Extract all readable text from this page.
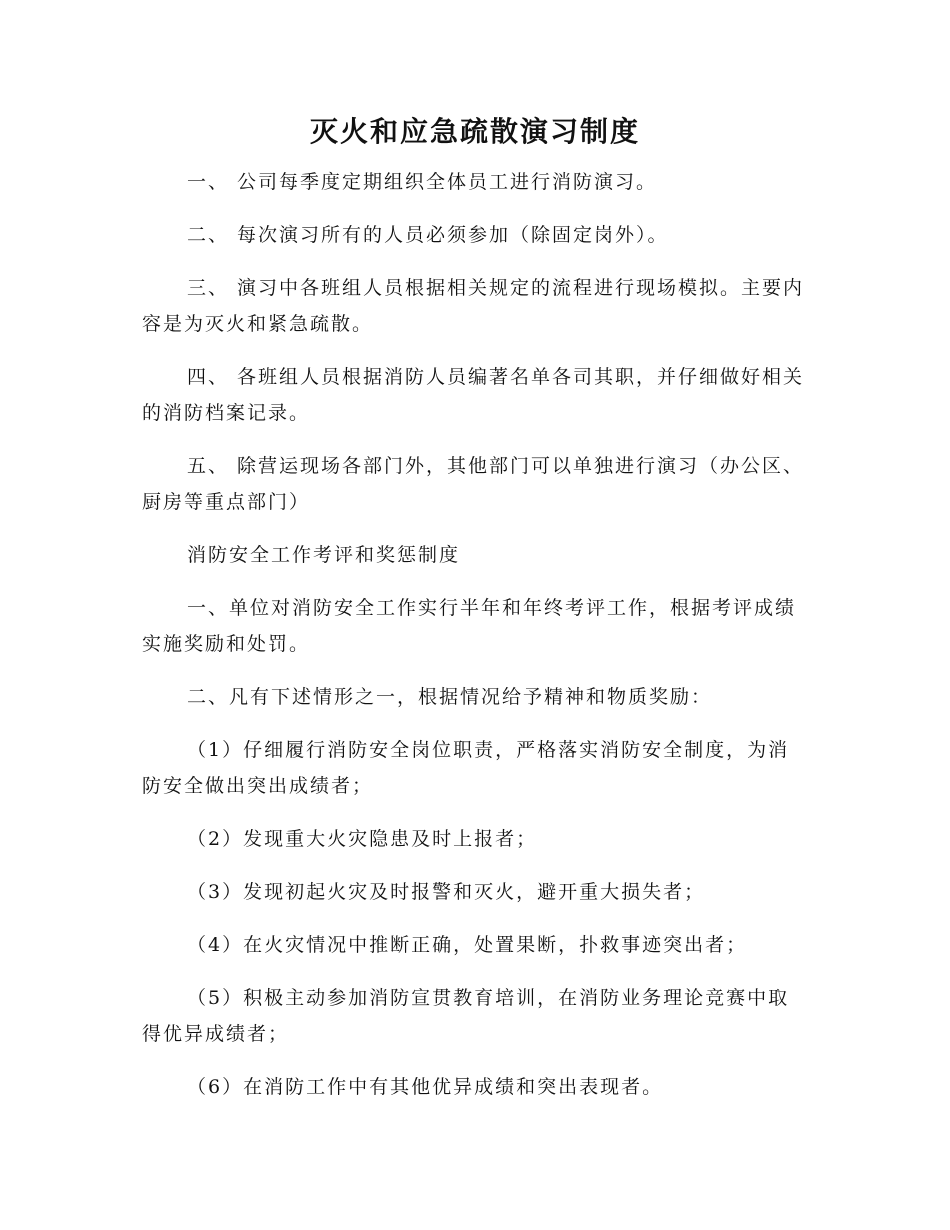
灭火和应急疏散演习制度

一、 公司每季度定期组织全体员工进行消防演习。

二、 每次演习所有的人员必须参加（除固定岗外）。

三、 演习中各班组人员根据相关规定的流程进行现场模拟。主要内容是为灭火和紧急疏散。

四、 各班组人员根据消防人员编著名单各司其职，并仔细做好相关的消防档案记录。

五、 除营运现场各部门外，其他部门可以单独进行演习（办公区、厨房等重点部门）

消防安全工作考评和奖惩制度

一、单位对消防安全工作实行半年和年终考评工作，根据考评成绩实施奖励和处罚。

二、凡有下述情形之一，根据情况给予精神和物质奖励：

（1）仔细履行消防安全岗位职责，严格落实消防安全制度，为消防安全做出突出成绩者；

（2）发现重大火灾隐患及时上报者；

（3）发现初起火灾及时报警和灭火，避开重大损失者；

（4）在火灾情况中推断正确，处置果断，扑救事迹突出者；

（5）积极主动参加消防宣贯教育培训，在消防业务理论竞赛中取得优异成绩者；

（6）在消防工作中有其他优异成绩和突出表现者。
